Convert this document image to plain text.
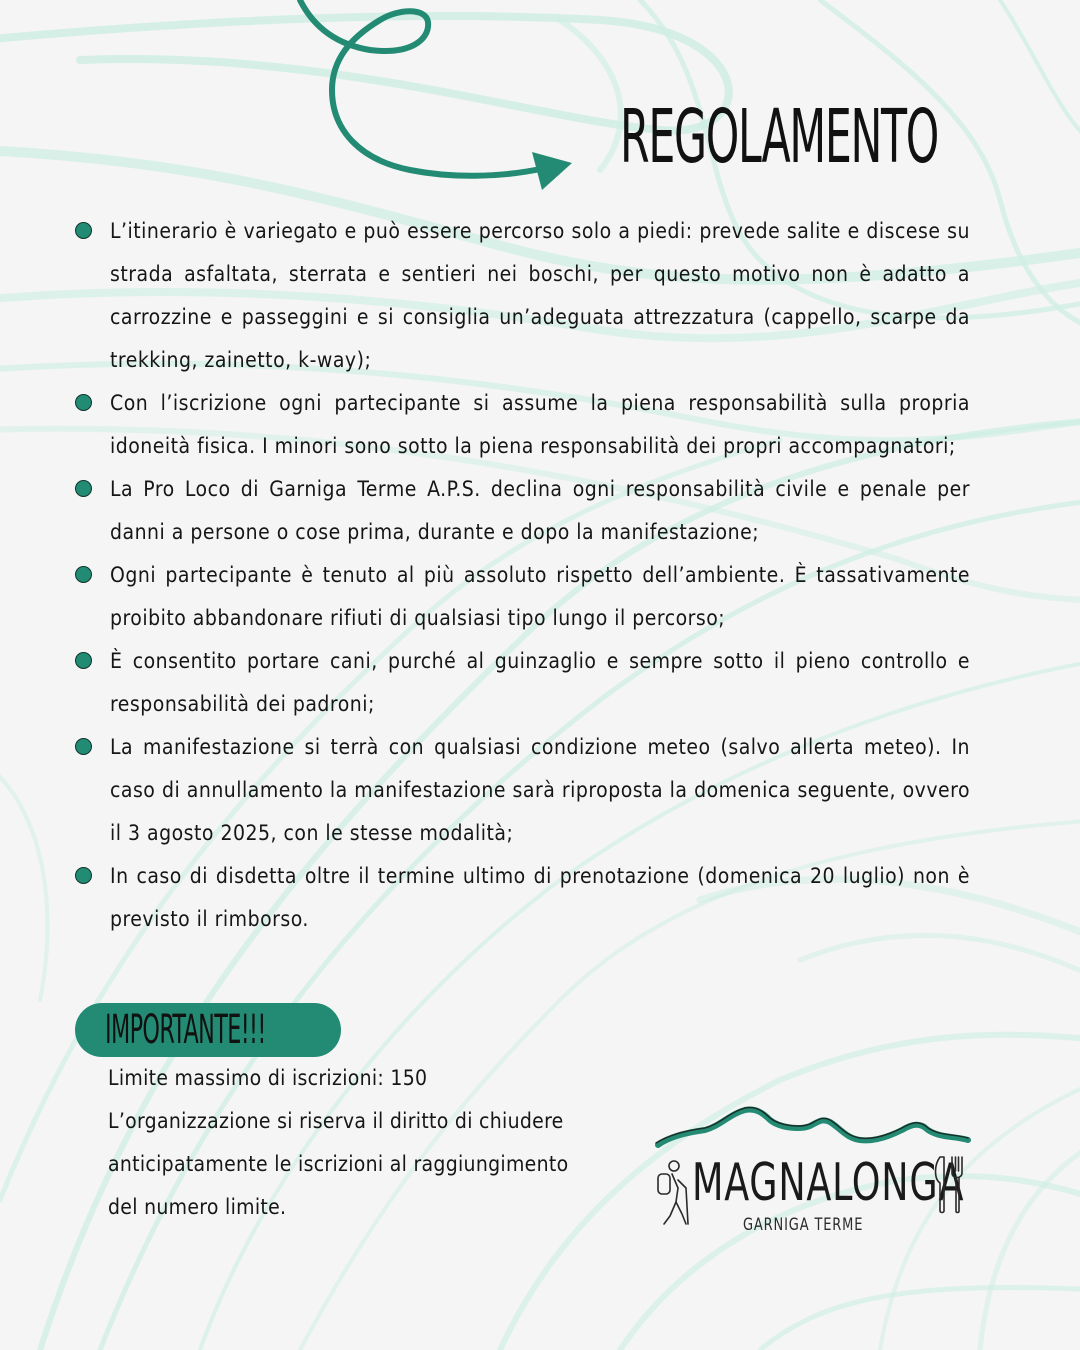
REGOLAMENTO
L’itinerario è variegato e può essere percorso solo a piedi: prevede salite e discese su strada asfaltata, sterrata e sentieri nei boschi, per questo motivo non è adatto a carrozzine e passeggini e si consiglia un’adeguata attrezzatura (cappello, scarpe da trekking, zainetto, k-way);
Con l’iscrizione ogni partecipante si assume la piena responsabilità sulla propria idoneità fisica. I minori sono sotto la piena responsabilità dei propri accompagnatori;
La Pro Loco di Garniga Terme A.P.S. declina ogni responsabilità civile e penale per danni a persone o cose prima, durante e dopo la manifestazione;
Ogni partecipante è tenuto al più assoluto rispetto dell’ambiente. È tassativamente proibito abbandonare rifiuti di qualsiasi tipo lungo il percorso;
È consentito portare cani, purché al guinzaglio e sempre sotto il pieno controllo e responsabilità dei padroni;
La manifestazione si terrà con qualsiasi condizione meteo (salvo allerta meteo). In caso di annullamento la manifestazione sarà riproposta la domenica seguente, ovvero il 3 agosto 2025, con le stesse modalità;
In caso di disdetta oltre il termine ultimo di prenotazione (domenica 20 luglio) non è previsto il rimborso.
IMPORTANTE!!!
Limite massimo di iscrizioni: 150
L’organizzazione si riserva il diritto di chiudere
anticipatamente le iscrizioni al raggiungimento
del numero limite.	MAGNALONGA
GARNIGA TERME
